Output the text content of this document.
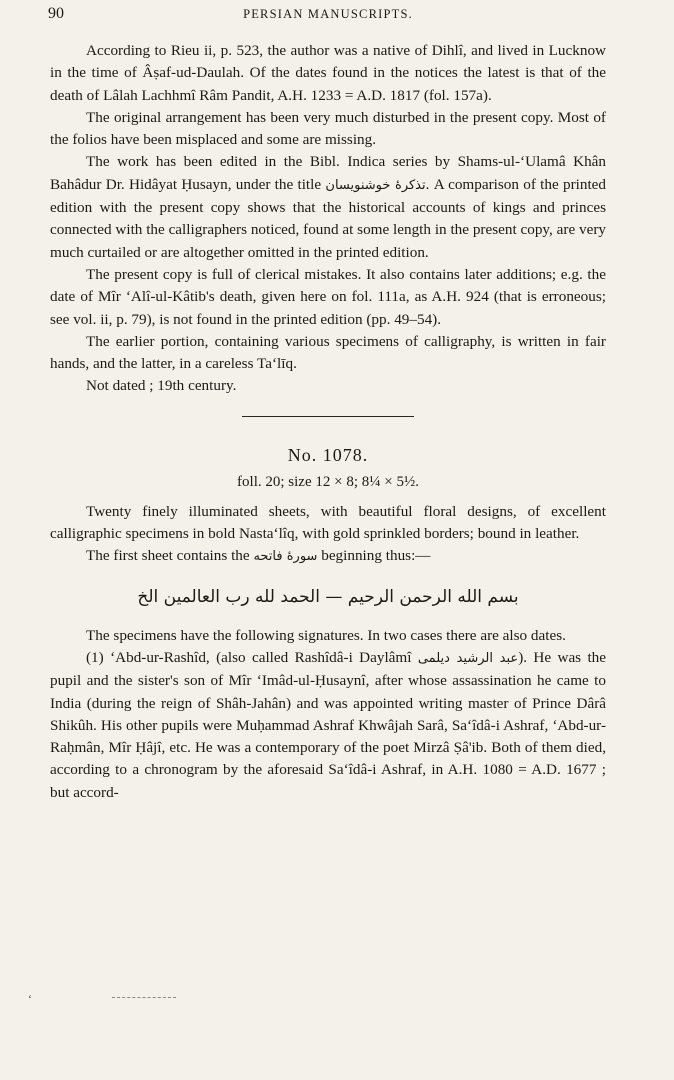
90	PERSIAN MANUSCRIPTS.

According to Rieu ii, p. 523, the author was a native of Dihlî, and lived in Lucknow in the time of Âṣaf-ud-Daulah. Of the dates found in the notices the latest is that of the death of Lâlah Lachhmî Râm Pandit, A.H. 1233 = A.D. 1817 (fol. 157a).

The original arrangement has been very much disturbed in the present copy. Most of the folios have been misplaced and some are missing.

The work has been edited in the Bibl. Indica series by Shams-ul-‘Ulamâ Khân Bahâdur Dr. Hidâyat Ḥusayn, under the title تذكرهٔ خوشنويسان. A comparison of the printed edition with the present copy shows that the historical accounts of kings and princes connected with the calligraphers noticed, found at some length in the present copy, are very much curtailed or are altogether omitted in the printed edition.

The present copy is full of clerical mistakes. It also contains later additions; e.g. the date of Mîr ‘Alî-ul-Kâtib's death, given here on fol. 111a, as A.H. 924 (that is erroneous; see vol. ii, p. 79), is not found in the printed edition (pp. 49–54).

The earlier portion, containing various specimens of calligraphy, is written in fair hands, and the latter, in a careless Ta‘līq.

Not dated ; 19th century.

No. 1078.
foll. 20; size 12 × 8; 8¼ × 5½.

Twenty finely illuminated sheets, with beautiful floral designs, of excellent calligraphic specimens in bold Nasta‘lîq, with gold sprinkled borders; bound in leather.

The first sheet contains the سورهٔ فاتحه beginning thus:—

بسم الله الرحمن الرحيم — الحمد لله رب العالمين الخ

The specimens have the following signatures. In two cases there are also dates.

(1) ‘Abd-ur-Rashîd, (also called Rashîdâ-i Daylâmî عبد الرشيد ديلمى). He was the pupil and the sister's son of Mîr ‘Imâd-ul-Ḥusaynî, after whose assassination he came to India (during the reign of Shâh-Jahân) and was appointed writing master of Prince Dârâ Shikûh. His other pupils were Muḥammad Ashraf Khwâjah Sarâ, Sa‘îdâ-i Ashraf, ‘Abd-ur-Raḥmân, Mîr Ḥâjî, etc. He was a contemporary of the poet Mirzâ Ṣâ'ib. Both of them died, according to a chronogram by the aforesaid Sa‘îdâ-i Ashraf, in A.H. 1080 = A.D. 1677 ; but accord-

‘
